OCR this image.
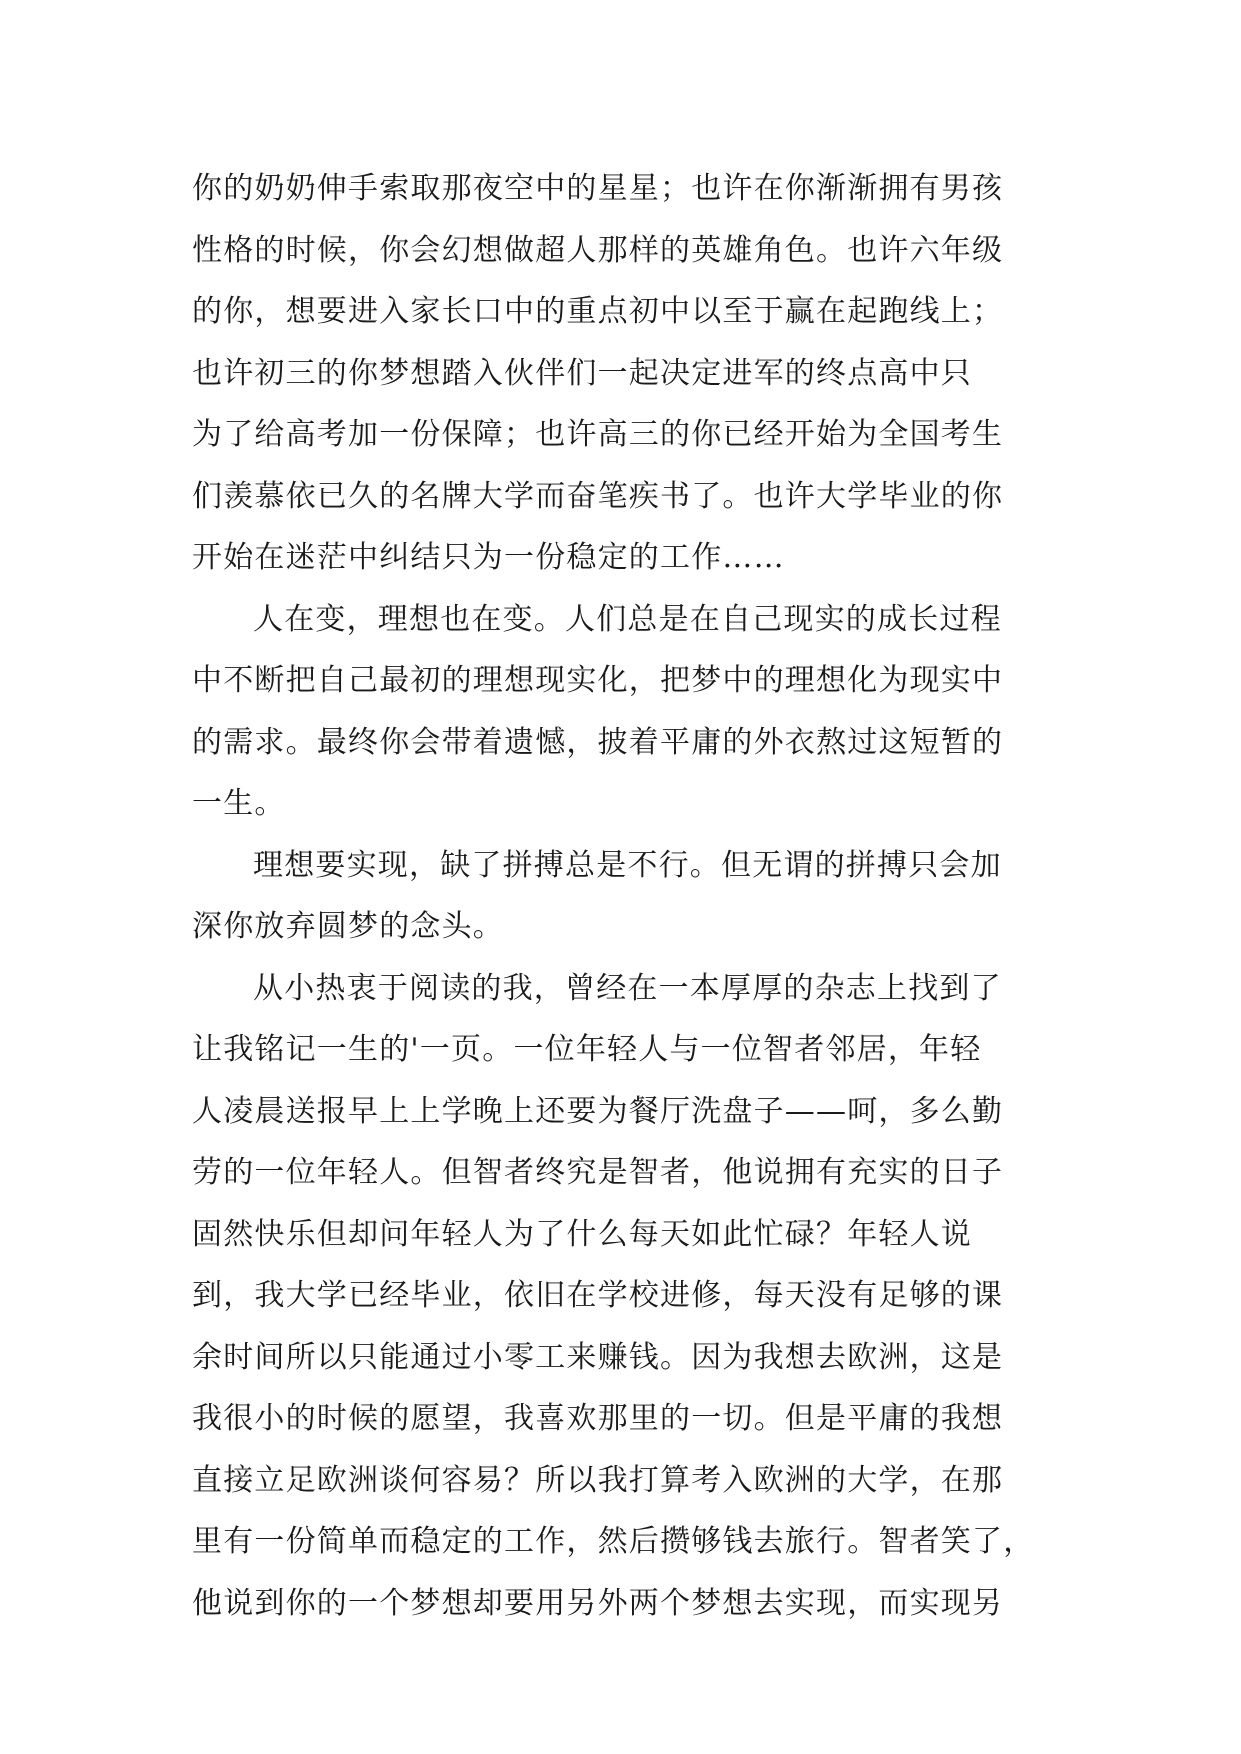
你的奶奶伸手索取那夜空中的星星；也许在你渐渐拥有男孩
性格的时候，你会幻想做超人那样的英雄角色。也许六年级
的你，想要进入家长口中的重点初中以至于赢在起跑线上；
也许初三的你梦想踏入伙伴们一起决定进军的终点高中只
为了给高考加一份保障；也许高三的你已经开始为全国考生
们羡慕依已久的名牌大学而奋笔疾书了。也许大学毕业的你
开始在迷茫中纠结只为一份稳定的工作……
人在变，理想也在变。人们总是在自己现实的成长过程
中不断把自己最初的理想现实化，把梦中的理想化为现实中
的需求。最终你会带着遗憾，披着平庸的外衣熬过这短暂的
一生。
理想要实现，缺了拼搏总是不行。但无谓的拼搏只会加
深你放弃圆梦的念头。
从小热衷于阅读的我，曾经在一本厚厚的杂志上找到了
让我铭记一生的'一页。一位年轻人与一位智者邻居，年轻
人凌晨送报早上上学晚上还要为餐厅洗盘子——呵，多么勤
劳的一位年轻人。但智者终究是智者，他说拥有充实的日子
固然快乐但却问年轻人为了什么每天如此忙碌？年轻人说
到，我大学已经毕业，依旧在学校进修，每天没有足够的课
余时间所以只能通过小零工来赚钱。因为我想去欧洲，这是
我很小的时候的愿望，我喜欢那里的一切。但是平庸的我想
直接立足欧洲谈何容易？所以我打算考入欧洲的大学，在那
里有一份简单而稳定的工作，然后攒够钱去旅行。智者笑了，
他说到你的一个梦想却要用另外两个梦想去实现，而实现另
